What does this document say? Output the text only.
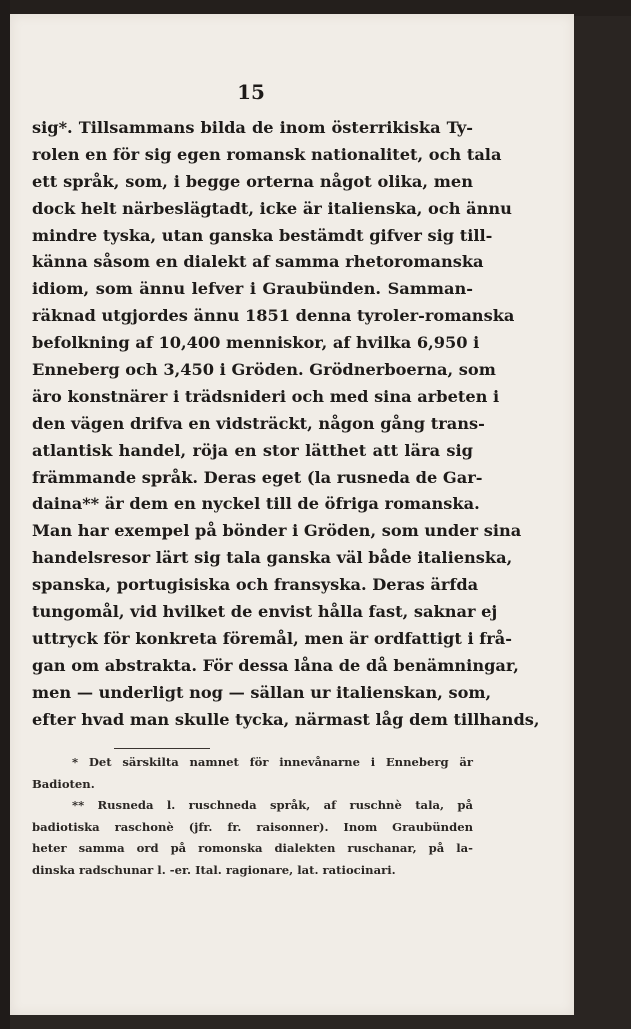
15
sig*. Tillsammans bilda de inom österrikiska Ty-
rolen en för sig egen romansk nationalitet, och tala
ett språk, som, i begge orterna något olika, men
dock helt närbeslägtadt, icke är italienska, och ännu
mindre tyska, utan ganska bestämdt gifver sig till-
känna såsom en dialekt af samma rhetoromanska
idiom, som ännu lefver i Graubünden. Samman-
räknad utgjordes ännu 1851 denna tyroler-romanska
befolkning af 10,400 menniskor, af hvilka 6,950 i
Enneberg och 3,450 i Gröden. Grödnerboerna, som
äro konstnärer i trädsnideri och med sina arbeten i
den vägen drifva en vidsträckt, någon gång trans-
atlantisk handel, röja en stor lätthet att lära sig
främmande språk. Deras eget (la rusneda de Gar-
daina** är dem en nyckel till de öfriga romanska.
Man har exempel på bönder i Gröden, som under sina
handelsresor lärt sig tala ganska väl både italienska,
spanska, portugisiska och fransyska. Deras ärfda
tungomål, vid hvilket de envist hålla fast, saknar ej
uttryck för konkreta föremål, men är ordfattigt i frå-
gan om abstrakta. För dessa låna de då benämningar,
men — underligt nog — sällan ur italienskan, som,
efter hvad man skulle tycka, närmast låg dem tillhands,
* Det särskilta namnet för innevånarne i Enneberg är
Badioten.
** Rusneda l. ruschneda språk, af ruschnè tala, på
badiotiska raschonè (jfr. fr. raisonner). Inom Graubünden
heter samma ord på romonska dialekten ruschanar, på la-
dinska radschunar l. -er. Ital. ragionare, lat. ratiocinari.
